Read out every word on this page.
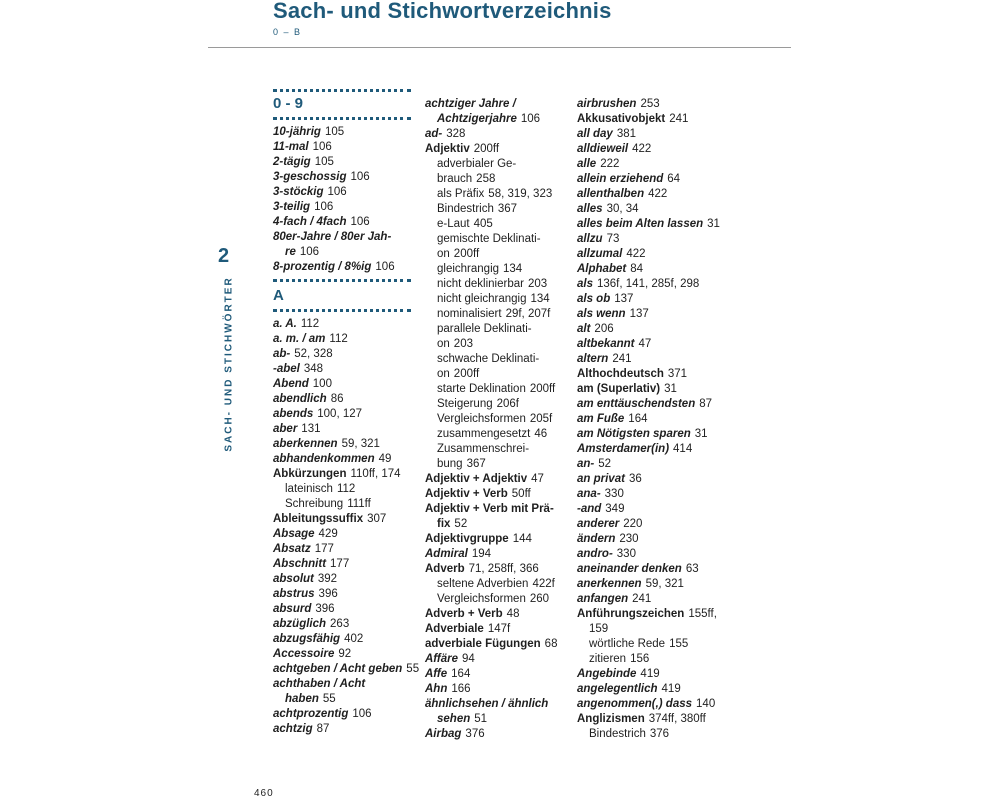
Sach- und Stichwortverzeichnis
0 – B
2
SACH- UND STICHWÖRTER
0 - 9
10-jährig 105
11-mal 106
2-tägig 105
3-geschossig 106
3-stöckig 106
3-teilig 106
4-fach / 4fach 106
80er-Jahre / 80er Jah-
re 106
8-prozentig / 8%ig 106
A
a. A. 112
a. m. / am 112
ab- 52, 328
-abel 348
Abend 100
abendlich 86
abends 100, 127
aber 131
aberkennen 59, 321
abhandenkommen 49
Abkürzungen 110ff, 174
lateinisch 112
Schreibung 111ff
Ableitungssuffix 307
Absage 429
Absatz 177
Abschnitt 177
absolut 392
abstrus 396
absurd 396
abzüglich 263
abzugsfähig 402
Accessoire 92
achtgeben / Acht geben 55
achthaben / Acht
haben 55
achtprozentig 106
achtzig 87
achtziger Jahre /
Achtzigerjahre 106
ad- 328
Adjektiv 200ff
adverbialer Ge-
brauch 258
als Präfix 58, 319, 323
Bindestrich 367
e-Laut 405
gemischte Deklinati-
on 200ff
gleichrangig 134
nicht deklinierbar 203
nicht gleichrangig 134
nominalisiert 29f, 207f
parallele Deklinati-
on 203
schwache Deklinati-
on 200ff
starte Deklination 200ff
Steigerung 206f
Vergleichsformen 205f
zusammengesetzt 46
Zusammenschrei-
bung 367
Adjektiv + Adjektiv 47
Adjektiv + Verb 50ff
Adjektiv + Verb mit Prä-
fix 52
Adjektivgruppe 144
Admiral 194
Adverb 71, 258ff, 366
seltene Adverbien 422f
Vergleichsformen 260
Adverb + Verb 48
Adverbiale 147f
adverbiale Fügungen 68
Affäre 94
Affe 164
Ahn 166
ähnlichsehen / ähnlich
sehen 51
Airbag 376
airbrushen 253
Akkusativobjekt 241
all day 381
alldieweil 422
alle 222
allein erziehend 64
allenthalben 422
alles 30, 34
alles beim Alten lassen 31
allzu 73
allzumal 422
Alphabet 84
als 136f, 141, 285f, 298
als ob 137
als wenn 137
alt 206
altbekannt 47
altern 241
Althochdeutsch 371
am (Superlativ) 31
am enttäuschendsten 87
am Fuße 164
am Nötigsten sparen 31
Amsterdamer(in) 414
an- 52
an privat 36
ana- 330
-and 349
anderer 220
ändern 230
andro- 330
aneinander denken 63
anerkennen 59, 321
anfangen 241
Anführungszeichen 155ff,
159
wörtliche Rede 155
zitieren 156
Angebinde 419
angelegentlich 419
angenommen(,) dass 140
Anglizismen 374ff, 380ff
Bindestrich 376
460
